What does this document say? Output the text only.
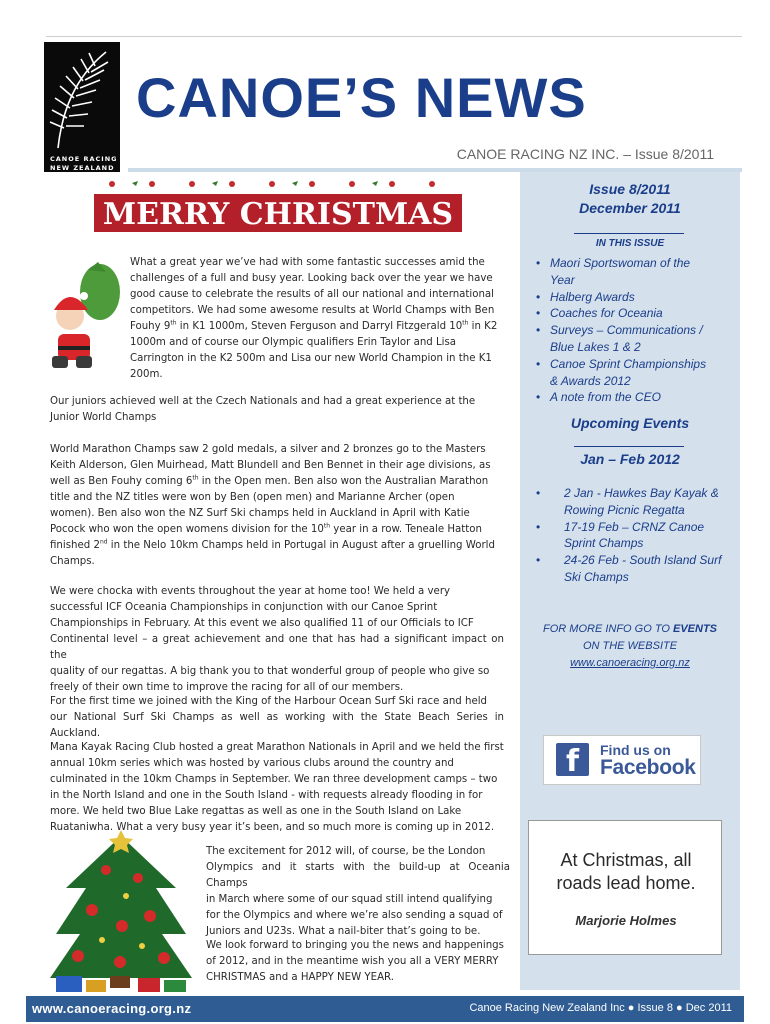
CANOE RACING
NEW ZEALAND
CANOE’S NEWS
CANOE RACING NZ INC. – Issue 8/2011
MERRY CHRISTMAS
What a great year we’ve had with some fantastic successes amid the
challenges of a full and busy year. Looking back over the year we have
good cause to celebrate the results of all our national and international
competitors. We had some awesome results at World Champs with Ben
Fouhy 9th in K1 1000m, Steven Ferguson and Darryl Fitzgerald 10th in K2
1000m and of course our Olympic qualifiers Erin Taylor and Lisa
Carrington in the K2 500m and Lisa our new World Champion in the K1
200m.
Our juniors achieved well at the Czech Nationals and had a great experience at the
Junior World Champs
World Marathon Champs saw 2 gold medals, a silver and 2 bronzes go to the Masters
Keith Alderson, Glen Muirhead, Matt Blundell and Ben Bennet in their age divisions, as
well as Ben Fouhy coming 6th in the Open men. Ben also won the Australian Marathon
title and the NZ titles were won by Ben (open men) and Marianne Archer (open
women). Ben also won the NZ Surf Ski champs held in Auckland in April with Katie
Pocock who won the open womens division for the 10th year in a row. Teneale Hatton
finished 2nd in the Nelo 10km Champs held in Portugal in August after a gruelling World
Champs.
We were chocka with events throughout the year at home too! We held a very
successful ICF Oceania Championships in conjunction with our Canoe Sprint
Championships in February. At this event we also qualified 11 of our Officials to ICF
Continental level – a great achievement and one that has had a significant impact on the
quality of our regattas. A big thank you to that wonderful group of people who give so
freely of their own time to improve the racing for all of our members.
For the first time we joined with the King of the Harbour Ocean Surf Ski race and held
our National Surf Ski Champs as well as working with the State Beach Series in Auckland.
Mana Kayak Racing Club hosted a great Marathon Nationals in April and we held the first
annual 10km series which was hosted by various clubs around the country and
culminated in the 10km Champs in September. We ran three development camps – two
in the North Island and one in the South Island - with requests already flooding in for
more. We held two Blue Lake regattas as well as one in the South Island on Lake
Ruataniwha. What a very busy year it’s been, and so much more is coming up in 2012.
The excitement for 2012 will, of course, be the London
Olympics and it starts with the build-up at Oceania Champs
in March where some of our squad still intend qualifying
for the Olympics and where we’re also sending a squad of
Juniors and U23s. What a nail-biter that’s going to be.
We look forward to bringing you the news and happenings
of 2012, and in the meantime wish you all a VERY MERRY
CHRISTMAS and a HAPPY NEW YEAR.
Issue 8/2011
December 2011
IN THIS ISSUE
• Maori Sportswoman of the
Year
• Halberg Awards
• Coaches for Oceania
• Surveys – Communications /
Blue Lakes 1 & 2
• Canoe Sprint Championships
& Awards 2012
• A note from the CEO
Upcoming Events
Jan – Feb 2012
• 2 Jan - Hawkes Bay Kayak &
Rowing Picnic Regatta
• 17-19 Feb – CRNZ Canoe
Sprint Champs
• 24-26 Feb - South Island Surf
Ski Champs
FOR MORE INFO GO TO EVENTS
ON THE WEBSITE
www.canoeracing.org.nz
f	Find us on
Facebook
At Christmas, all
roads lead home.
Marjorie Holmes
www.canoeracing.org.nz	Canoe Racing New Zealand Inc ● Issue 8 ● Dec 2011
